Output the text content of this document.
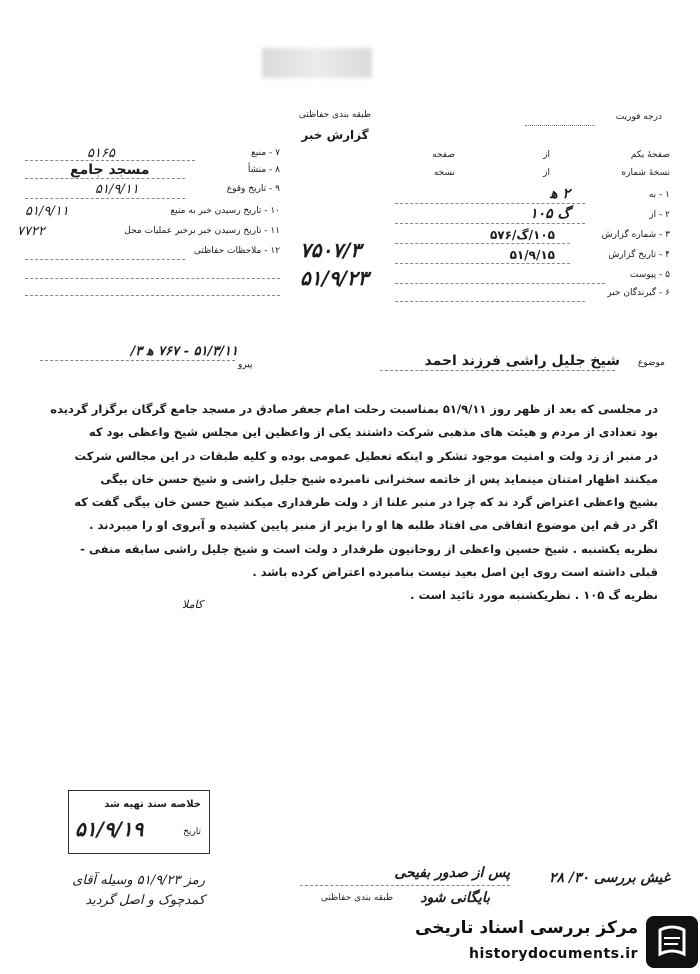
طبقه بندی حفاظتی
گزارش خبر
درجه فوریت
۷ - منبع
۵۱۶۵
۸ - منشأ
مسجد جامع
۹ - تاریخ وقوع
۵۱/۹/۱۱
۱۰ - تاریخ رسیدن خبر به منبع
۵۱/۹/۱۱
۱۱ - تاریخ رسیدن خبر برخبر عملیات محل
۷۷۲۲
۱۲ - ملاحظات حفاظتی
صفحهٔ یکم
از
صفحه
نسخهٔ شماره
از
نسخه
۱ - به
۲ ﻫ
۲ - از
گ ۱۰۵
۳ - شماره گزارش
۱۰۵/گ/۵۷۶
۴ - تاریخ گزارش
۵۱/۹/۱۵
۵ - پیوست
۶ - گیرندگان خبر
۷۵۰۷/۳
۵۱/۹/۲۳
موضوع
شیخ جلیل راشی فرزند احمد
پیرو
۵۱/۳/۱۱ - ۷۶۷ ﻫ ۳/

در مجلسی که بعد از ظهر روز ۵۱/۹/۱۱ بمناسبت رحلت امام جعفر صادق در مسجد جامع گرگان برگزار گردیده

بود تعدادی از مردم و هیئت های مذهبی شرکت داشتند یکی از واعظین این مجلس شیخ واعظی بود که

در منبر از زد ولت و امنیت موجود تشکر و اینکه تعطیل عمومی بوده و کلیه طبقات در این مجالس شرکت

میکنند اظهار امتنان مینماید پس از خاتمه سخنرانی نامبرده شیخ جلیل راشی و شیخ حسن خان بیگی

بشیخ واعظی اعتراض گرد ند که چرا در منبر علنا از د ولت طرفداری میکند شیخ حسن خان بیگی گفت که

اگر در قم این موضوع اتفاقی می افتاد طلبه ها او را بزیر از منبر پایین کشیده و آبروی او را میبردند .

نظریه یکشنبه . شیخ حسین واعظی از روحانیون طرفدار د ولت است و شیخ جلیل راشی سابقه منفی -

قبلی داشته است روی این اصل بعید نیست بنامبرده اعتراض کرده باشد .

نظریه گ ۱۰۵ . نظریکشنبه مورد تائید است .

کاملا
خلاصه سند تهیه شد
تاریخ
۵۱/۹/۱۹
رمز ۵۱/۹/۲۳ وسیله آقای
کمدچوک و اصل گردید
پس از صدور بفیحی
طبقه بندی حفاظتی	بایگانی شود
غیش بررسی ۳۰/ ۲۸
مرکز بررسی اسناد تاریخی
historydocuments.ir
